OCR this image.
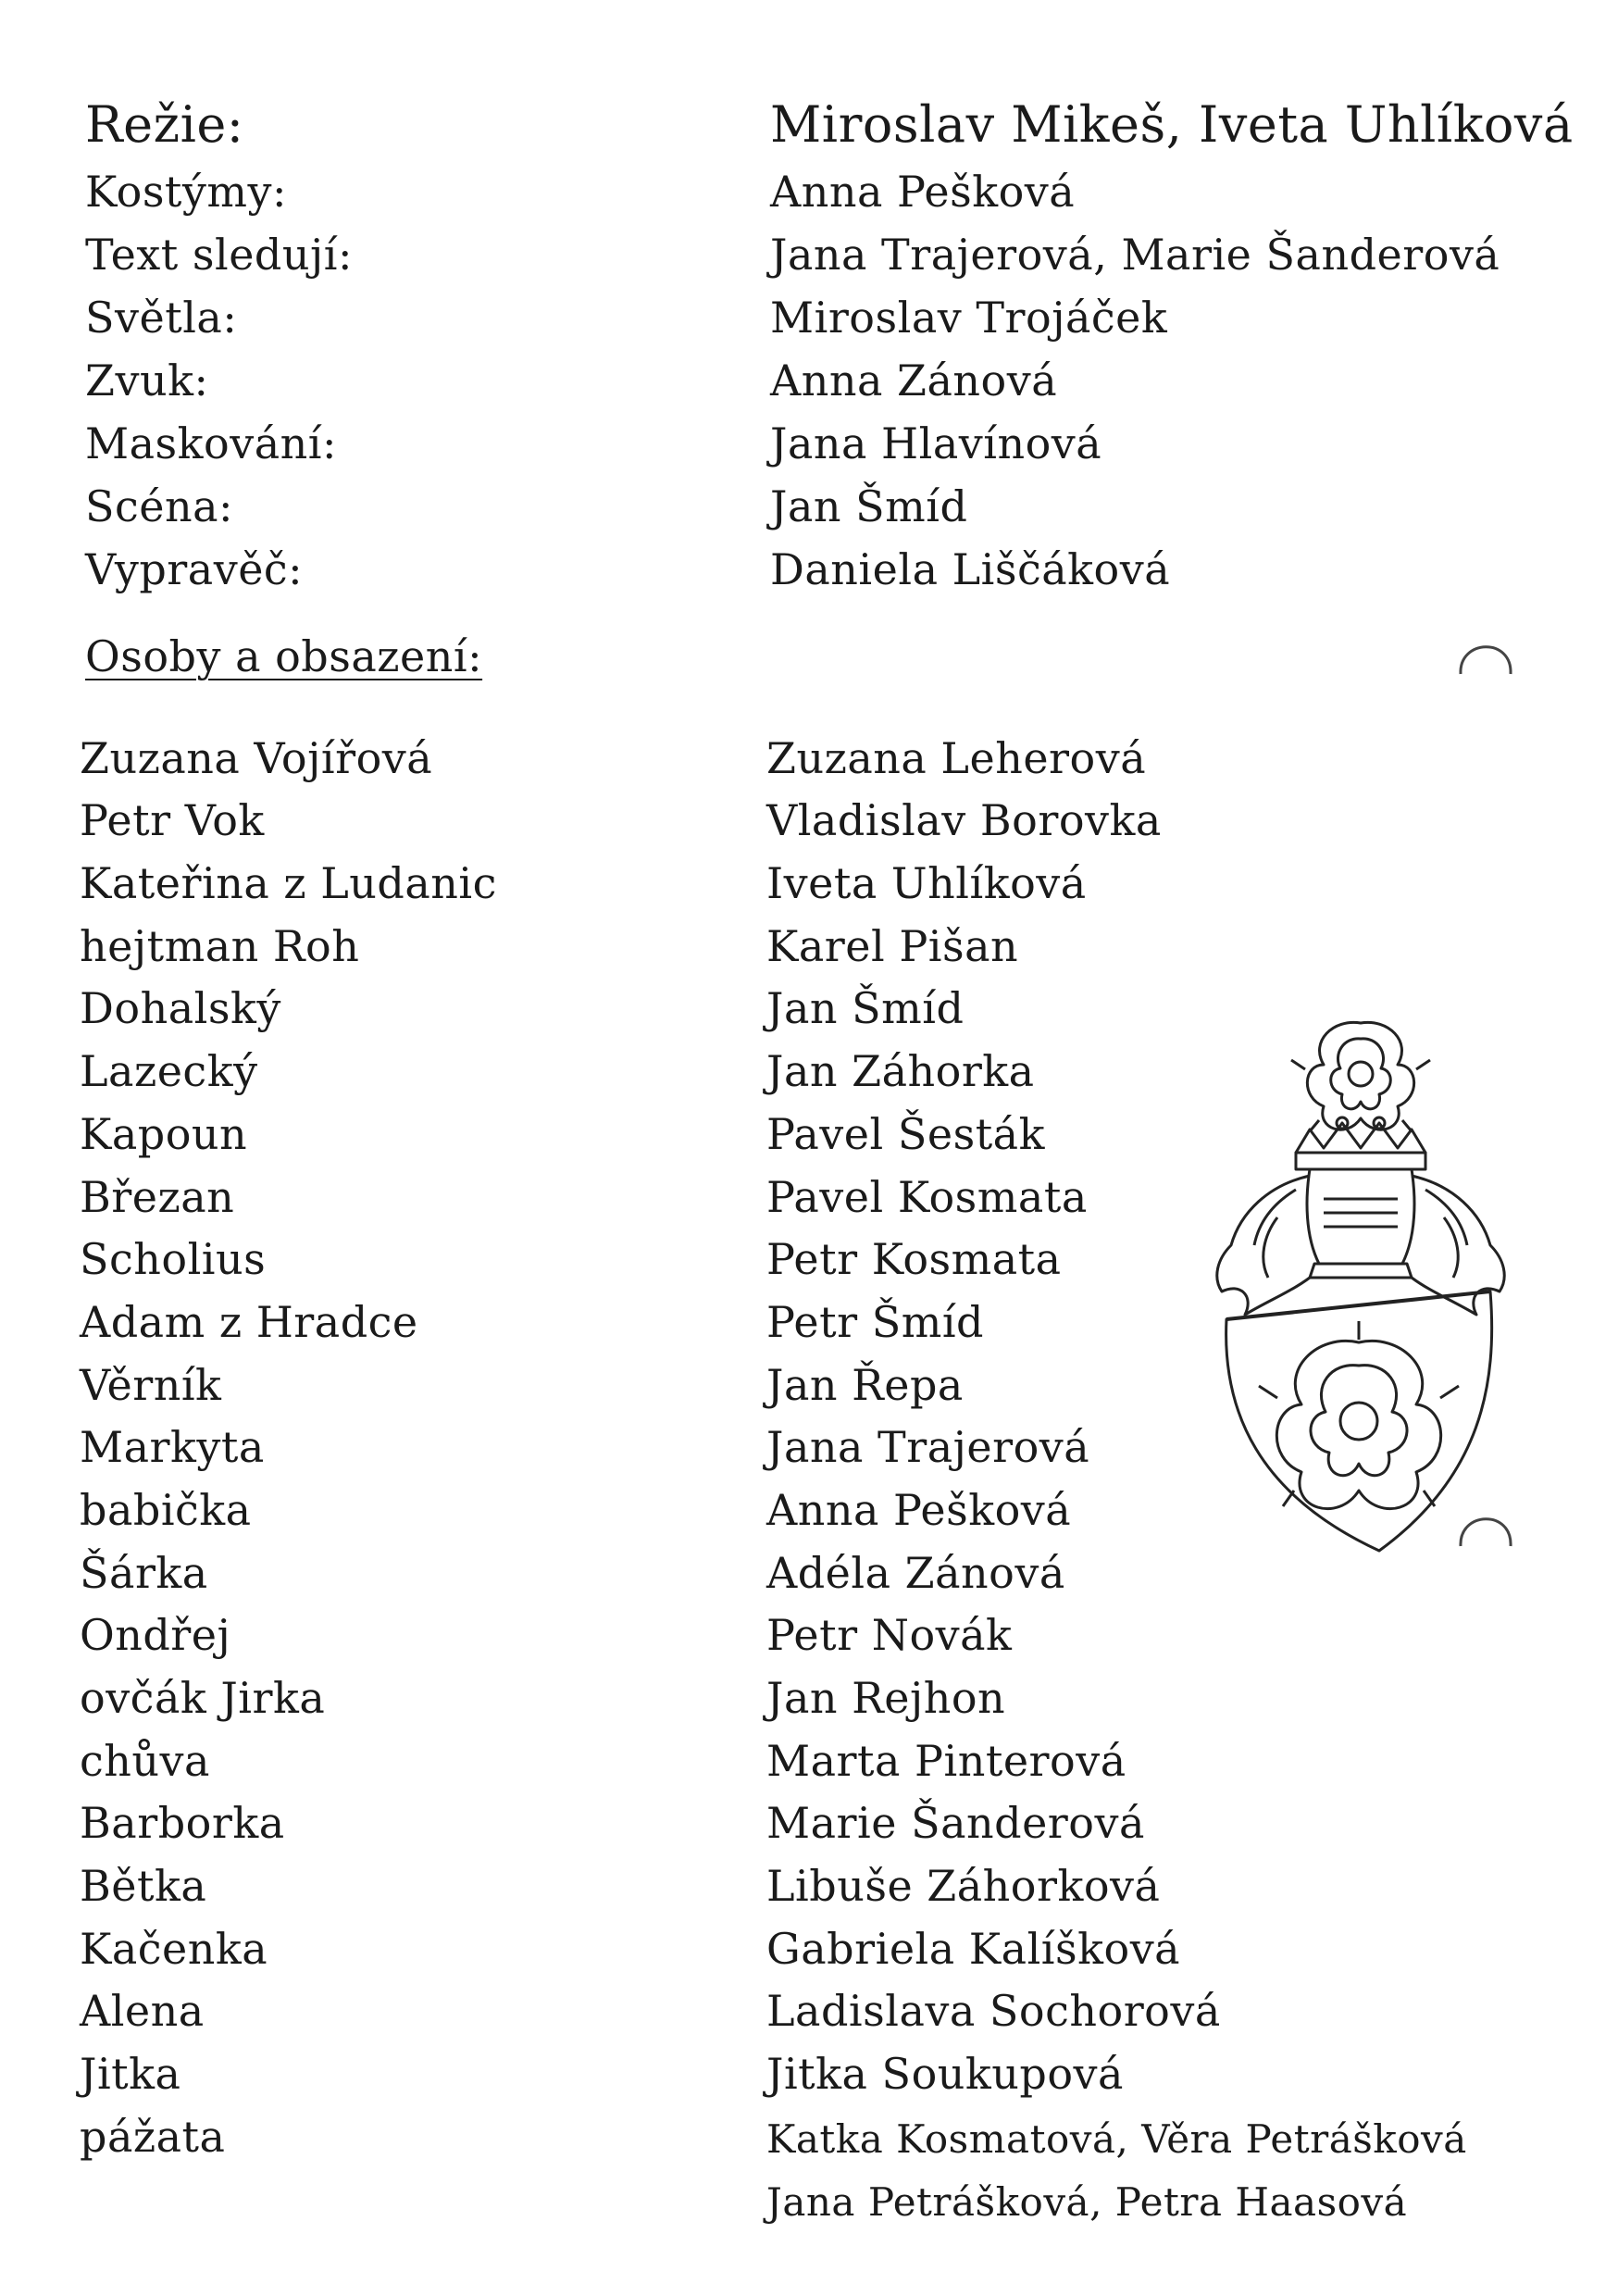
Režie:	Miroslav Mikeš, Iveta Uhlíková
Kostýmy:	Anna Pešková
Text sledují:	Jana Trajerová, Marie Šanderová
Světla:	Miroslav Trojáček
Zvuk:	Anna Zánová
Maskování:	Jana Hlavínová
Scéna:	Jan Šmíd
Vypravěč:	Daniela Liščáková
Osoby a obsazení:
Zuzana Vojířová	Zuzana Leherová
Petr Vok	Vladislav Borovka
Kateřina z Ludanic	Iveta Uhlíková
hejtman Roh	Karel Pišan
Dohalský	Jan Šmíd
Lazecký	Jan Záhorka
Kapoun	Pavel Šesták
Březan	Pavel Kosmata
Scholius	Petr Kosmata
Adam z Hradce	Petr Šmíd
Věrník	Jan Řepa
Markyta	Jana Trajerová
babička	Anna Pešková
Šárka	Adéla Zánová
Ondřej	Petr Novák
ovčák Jirka	Jan Rejhon
chůva	Marta Pinterová
Barborka	Marie Šanderová
Bětka	Libuše Záhorková
Kačenka	Gabriela Kalíšková
Alena	Ladislava Sochorová
Jitka	Jitka Soukupová
pážata	Katka Kosmatová, Věra Petrášková
Jana Petrášková, Petra Haasová
